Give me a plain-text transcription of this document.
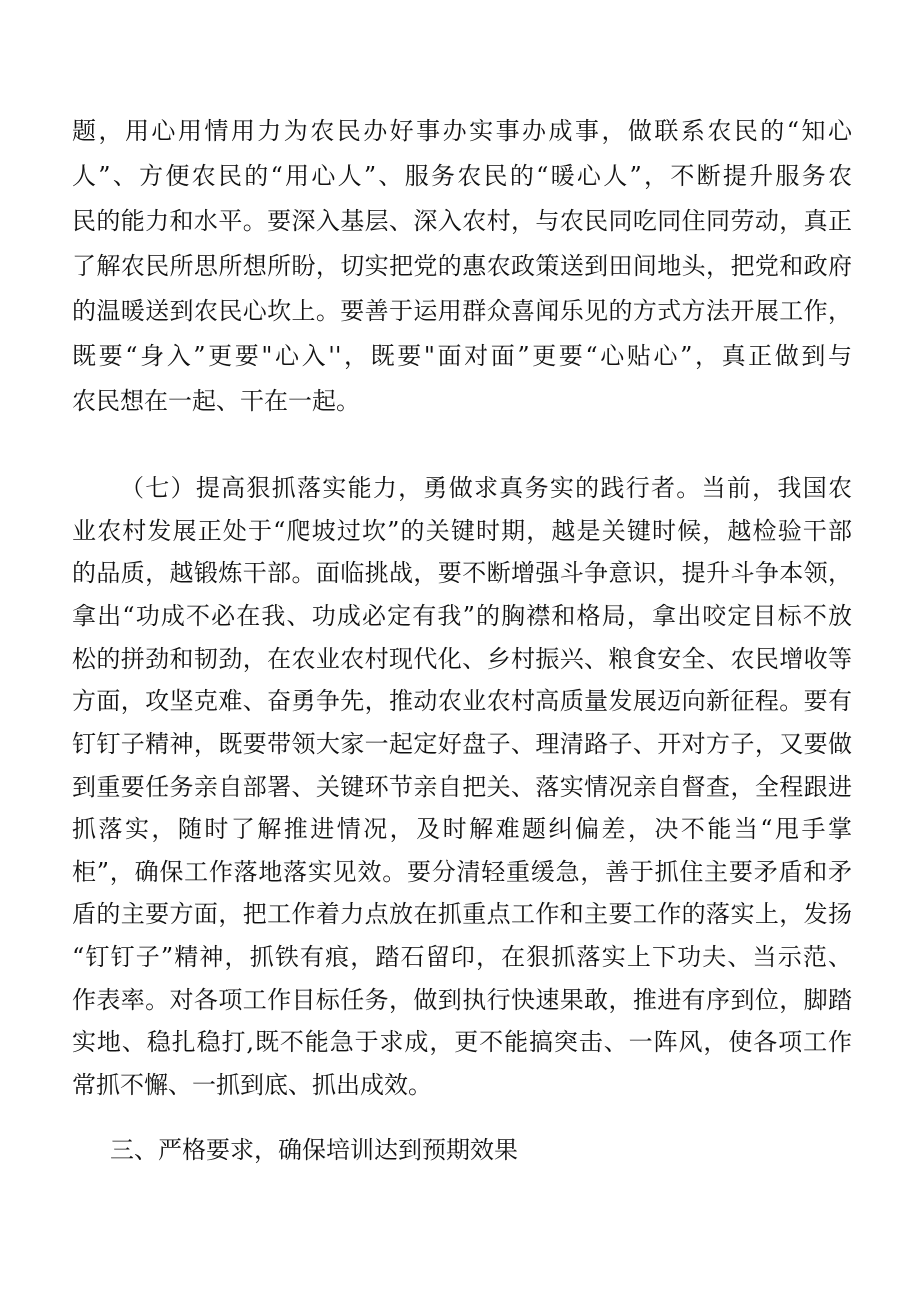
题，用心用情用力为农民办好事办实事办成事，做联系农民的“知心
人”、方便农民的“用心人”、服务农民的“暖心人”，不断提升服务农
民的能力和水平。要深入基层、深入农村，与农民同吃同住同劳动，真正
了解农民所思所想所盼，切实把党的惠农政策送到田间地头，把党和政府
的温暖送到农民心坎上。要善于运用群众喜闻乐见的方式方法开展工作，
既要“身入”更要"心入''，既要"面对面”更要“心贴心”，真正做到与
农民想在一起、干在一起。
（七）提高狠抓落实能力，勇做求真务实的践行者。当前，我国农
业农村发展正处于“爬坡过坎”的关键时期，越是关键时候，越检验干部
的品质，越锻炼干部。面临挑战，要不断增强斗争意识，提升斗争本领，
拿出“功成不必在我、功成必定有我”的胸襟和格局，拿出咬定目标不放
松的拼劲和韧劲，在农业农村现代化、乡村振兴、粮食安全、农民增收等
方面，攻坚克难、奋勇争先，推动农业农村高质量发展迈向新征程。要有
钉钉子精神，既要带领大家一起定好盘子、理清路子、开对方子，又要做
到重要任务亲自部署、关键环节亲自把关、落实情况亲自督查，全程跟进
抓落实，随时了解推进情况，及时解难题纠偏差，决不能当“甩手掌
柜”，确保工作落地落实见效。要分清轻重缓急，善于抓住主要矛盾和矛
盾的主要方面，把工作着力点放在抓重点工作和主要工作的落实上，发扬
“钉钉子”精神，抓铁有痕，踏石留印，在狠抓落实上下功夫、当示范、
作表率。对各项工作目标任务，做到执行快速果敢，推进有序到位，脚踏
实地、稳扎稳打,既不能急于求成，更不能搞突击、一阵风，使各项工作
常抓不懈、一抓到底、抓出成效。
三、严格要求，确保培训达到预期效果
